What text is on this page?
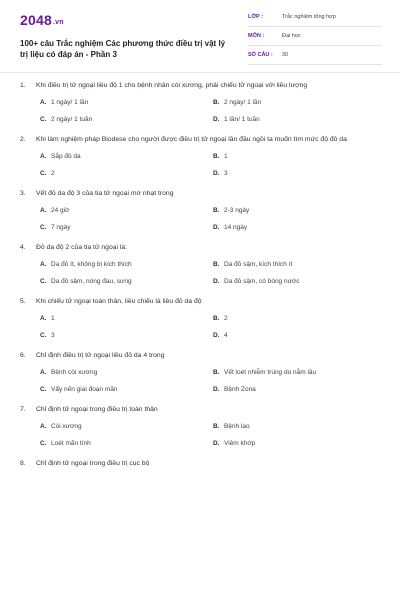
2048.vn
100+ câu Trắc nghiệm Các phương thức điều trị vật lý trị liệu có đáp án - Phần 3
LỚP :	Trắc nghiệm tổng hợp
MÔN :	Đại học
SỐ CÂU :	30
1.	Khi điều trị tử ngoại liều độ 1 cho bệnh nhân còi xương, phải chiếu tử ngoại với liều lượng
A. 1 ngày/ 1 lần	B. 2 ngày/ 1 lần
C. 2 ngày/ 1 tuần	D. 1 lần/ 1 tuần
2.	Khi làm nghiệm pháp Biodese cho người được điều trị tử ngoại lần đầu ngồi ta muốn tìm mức độ đỏ da
A. Sắp đỏ da	B. 1
C. 2	D. 3
3.	Vết đỏ da độ 3 của tia tử ngoại mờ nhạt trong
A. 24 giờ	B. 2-3 ngày
C. 7 ngày	D. 14 ngày
4.	Đỏ da độ 2 của tia tử ngoại là:
A. Da đỏ ít, không bị kích thích	B. Da đỏ sậm, kích thích ít
C. Da đỏ sậm, nóng đau, sưng	D. Da đỏ sậm, có bóng nước
5.	Khi chiếu tử ngoại toàn thân, liều chiếu là liều đỏ da độ
A. 1	B. 2
C. 3	D. 4
6.	Chỉ định điều trị tử ngoại liều đỏ da 4 trong
A. Bệnh còi xương	B. Vết loét nhiễm trùng do nằm lâu
C. Vẩy nến giai đoạn mãn	D. Bệnh Zona
7.	Chỉ định tử ngoại trong điều trị toàn thân
A. Còi xương	B. Bệnh lao
C. Loét mãn tính	D. Viêm khớp
8.	Chỉ định tử ngoại trong điều trị cục bộ
